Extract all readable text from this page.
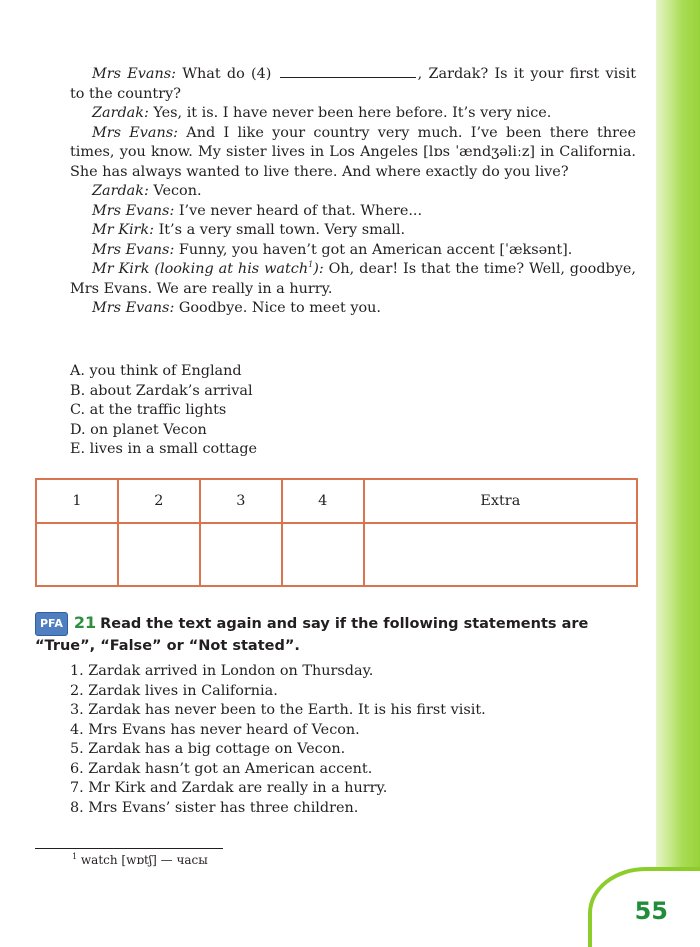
55

Mrs Evans: What do (4)	, Zardak? Is it your first visit to the country?

Zardak: Yes, it is. I have never been here before. It’s very nice.

Mrs Evans: And I like your country very much. I’ve been there three times, you know. My sister lives in Los Angeles [lɒs ˈændʒəliːz] in California. She has always wanted to live there. And where exactly do you live?

Zardak: Vecon.

Mrs Evans: I’ve never heard of that. Where...

Mr Kirk: It’s a very small town. Very small.

Mrs Evans: Funny, you haven’t got an American accent [ˈæksənt].

Mr Kirk (looking at his watch$^1$): Oh, dear! Is that the time? Well, goodbye, Mrs Evans. We are really in a hurry.

Mrs Evans: Goodbye. Nice to meet you.

A. you think of England
B. about Zardak’s arrival
C. at the traffic lights
D. on planet Vecon
E. lives in a small cottage
1	2	3	4	Extra

PFA 21 Read the text again and say if the following statements are “True”, “False” or “Not stated”.
1. Zardak arrived in London on Thursday.
2. Zardak lives in California.
3. Zardak has never been to the Earth. It is his first visit.
4. Mrs Evans has never heard of Vecon.
5. Zardak has a big cottage on Vecon.
6. Zardak hasn’t got an American accent.
7. Mr Kirk and Zardak are really in a hurry.
8. Mrs Evans’ sister has three children.
$^1$ watch [wɒtʃ] — часы
